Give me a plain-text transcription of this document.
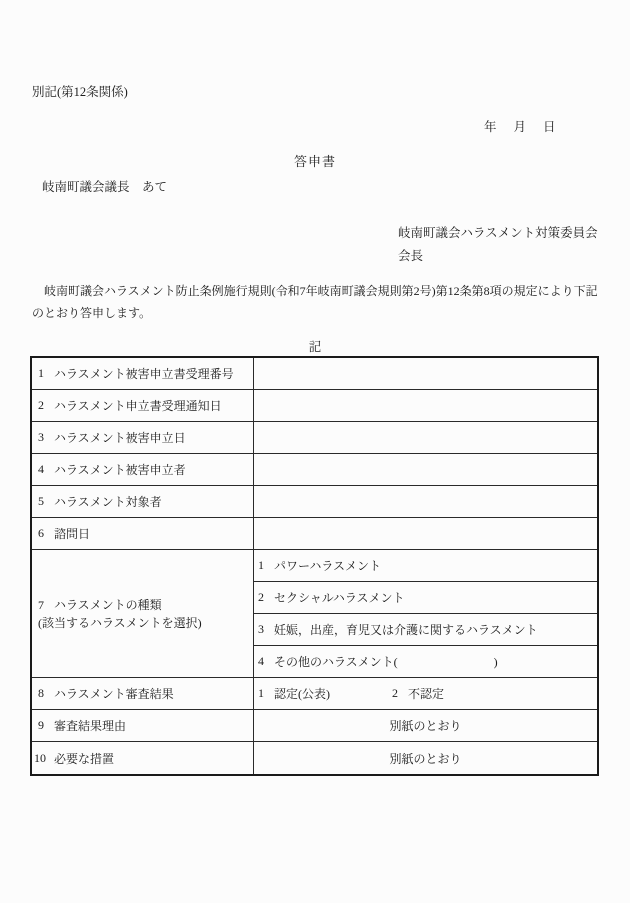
別記(第12条関係)
年 月 日
答申書
岐南町議会議長　あて
岐南町議会ハラスメント対策委員会
会長
岐南町議会ハラスメント防止条例施行規則(令和7年岐南町議会規則第2号)第12条第8項の規定により下記のとおり答申します。
記
1 ハラスメント被害申立書受理番号
2 ハラスメント申立書受理通知日
3 ハラスメント被害申立日
4 ハラスメント被害申立者
5 ハラスメント対象者
6 諮問日
7 ハラスメントの種類
(該当するハラスメントを選択)
1 パワーハラスメント
2 セクシャルハラスメント
3 妊娠，出産，育児又は介護に関するハラスメント
4 その他のハラスメント(　　　　　　　　)
8 ハラスメント審査結果	1 認定(公表)	2 不認定
9 審査結果理由	別紙のとおり
10 必要な措置	別紙のとおり
